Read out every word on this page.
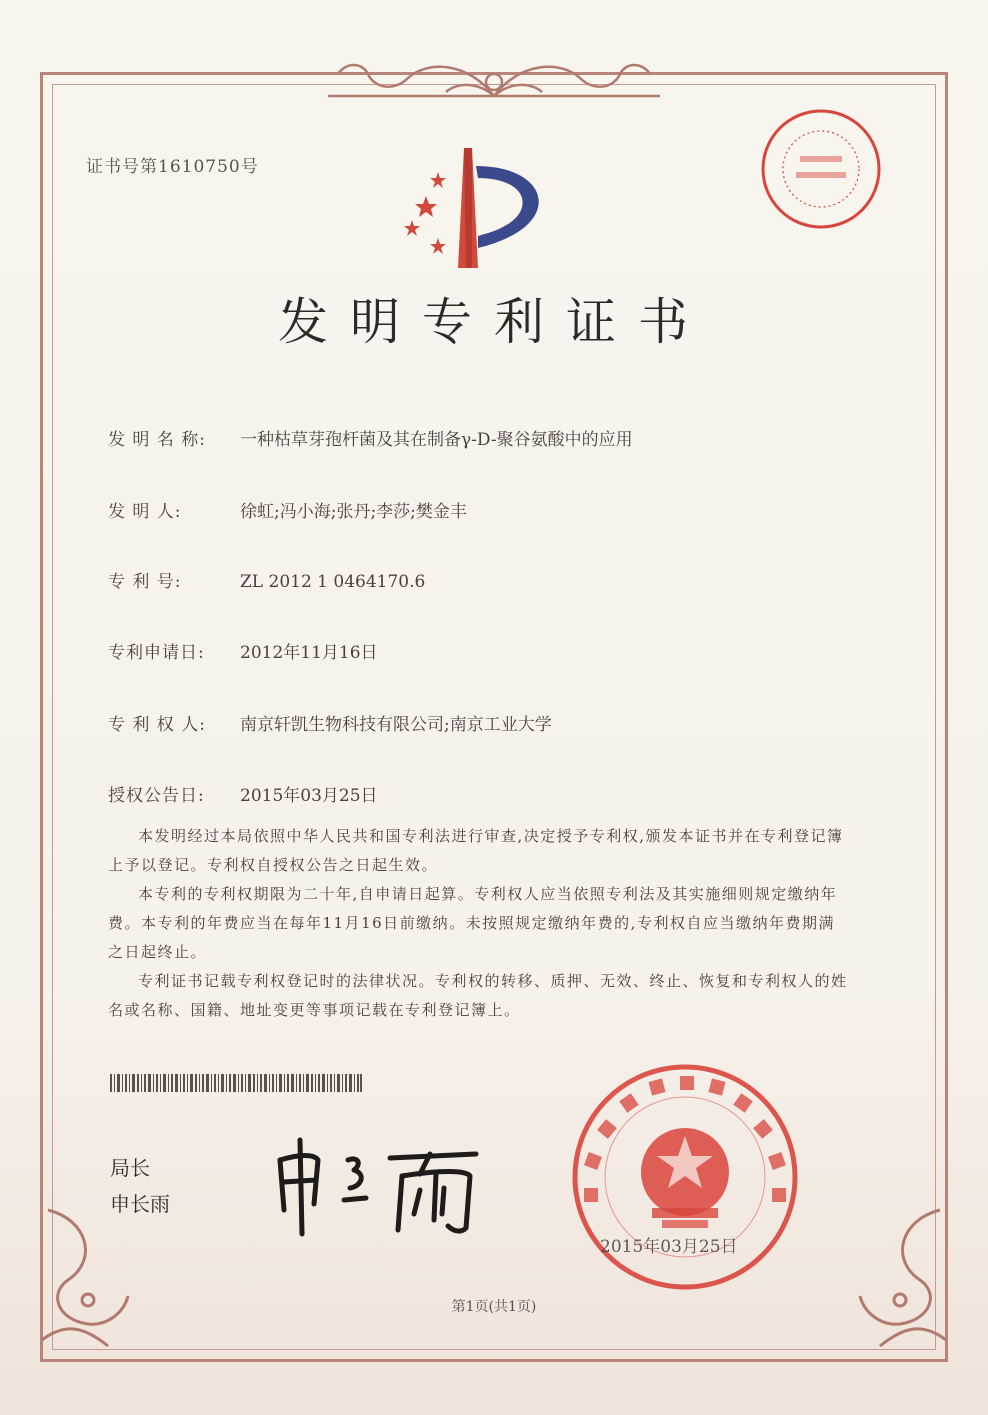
证书号第1610750号
发明专利证书
发 明 名 称: 一种枯草芽孢杆菌及其在制备γ-D-聚谷氨酸中的应用
发 明 人:	徐虹;冯小海;张丹;李莎;樊金丰
专 利 号:	ZL 2012 1 0464170.6
专利申请日: 2012年11月16日
专 利 权 人: 南京轩凯生物科技有限公司;南京工业大学
授权公告日: 2015年03月25日

本发明经过本局依照中华人民共和国专利法进行审查,决定授予专利权,颁发本证书并在专利登记簿上予以登记。专利权自授权公告之日起生效。

本专利的专利权期限为二十年,自申请日起算。专利权人应当依照专利法及其实施细则规定缴纳年费。本专利的年费应当在每年11月16日前缴纳。未按照规定缴纳年费的,专利权自应当缴纳年费期满之日起终止。

专利证书记载专利权登记时的法律状况。专利权的转移、质押、无效、终止、恢复和专利权人的姓名或名称、国籍、地址变更等事项记载在专利登记簿上。

局长
申长雨
2015年03月25日
第1页(共1页)
